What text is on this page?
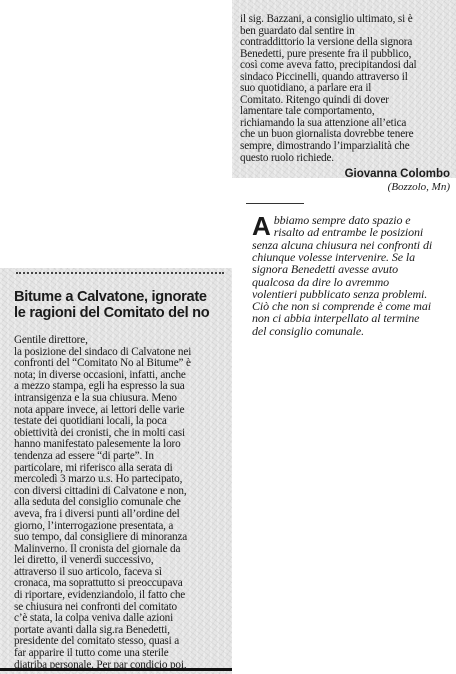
Bitume a Calvatone, ignorate
le ragioni del Comitato del no

Gentile direttore,

la posizione del sindaco di Calvatone nei
confronti del “Comitato No al Bitume” è
nota; in diverse occasioni, infatti, anche
a mezzo stampa, egli ha espresso la sua
intransigenza e la sua chiusura. Meno
nota appare invece, ai lettori delle varie
testate dei quotidiani locali, la poca
obiettività dei cronisti, che in molti casi
hanno manifestato palesemente la loro
tendenza ad essere “di parte”. In
particolare, mi riferisco alla serata di
mercoledì 3 marzo u.s. Ho partecipato,
con diversi cittadini di Calvatone e non,
alla seduta del consiglio comunale che
aveva, fra i diversi punti all’ordine del
giorno, l’interrogazione presentata, a
suo tempo, dal consigliere di minoranza
Malinverno. Il cronista del giornale da
lei diretto, il venerdì successivo,
attraverso il suo articolo, faceva sì
cronaca, ma soprattutto si preoccupava
di riportare, evidenziandolo, il fatto che
se chiusura nei confronti del comitato
c’è stata, la colpa veniva dalle azioni
portate avanti dalla sig.ra Benedetti,
presidente del comitato stesso, quasi a
far apparire il tutto come una sterile
diatriba personale. Per par condicio poi,

il sig. Bazzani, a consiglio ultimato, si è
ben guardato dal sentire in
contraddittorio la versione della signora
Benedetti, pure presente fra il pubblico,
così come aveva fatto, precipitandosi dal
sindaco Piccinelli, quando attraverso il
suo quotidiano, a parlare era il
Comitato. Ritengo quindi di dover
lamentare tale comportamento,
richiamando la sua attenzione all’etica
che un buon giornalista dovrebbe tenere
sempre, dimostrando l’imparzialità che
questo ruolo richiede.

Giovanna Colombo

(Bozzolo, Mn)

Abbiamo sempre dato spazio e
risalto ad entrambe le posizioni
senza alcuna chiusura nei confronti di
chiunque volesse intervenire. Se la
signora Benedetti avesse avuto
qualcosa da dire lo avremmo
volentieri pubblicato senza problemi.
Ciò che non si comprende è come mai
non ci abbia interpellato al termine
del consiglio comunale.
